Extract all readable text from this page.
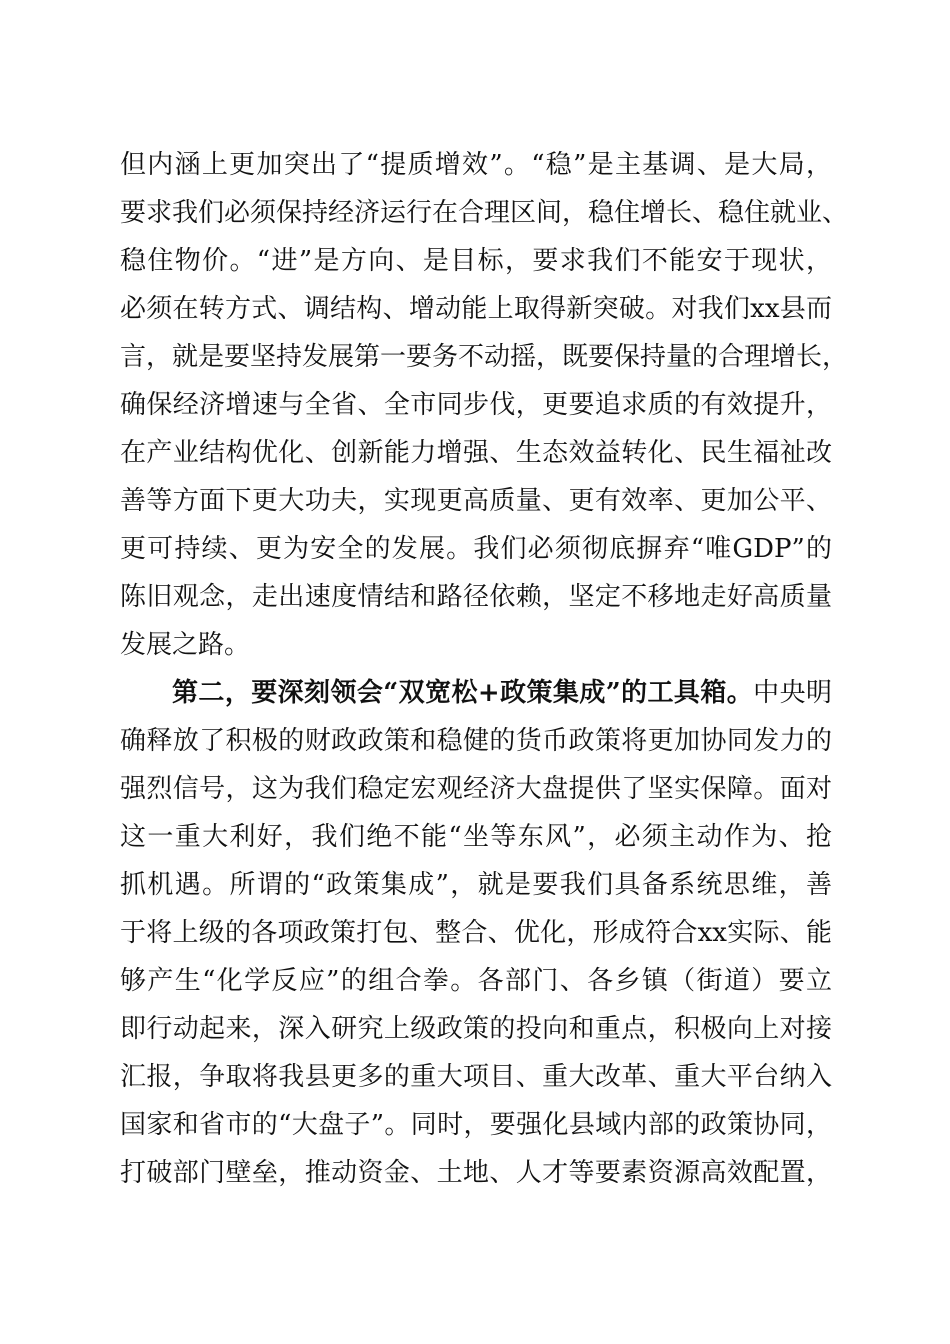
但内涵上更加突出了“提质增效”。“稳”是主基调、是大局，

要求我们必须保持经济运行在合理区间，稳住增长、稳住就业、

稳住物价。“进”是方向、是目标，要求我们不能安于现状，

必须在转方式、调结构、增动能上取得新突破。对我们xx县而

言，就是要坚持发展第一要务不动摇，既要保持量的合理增长，

确保经济增速与全省、全市同步伐，更要追求质的有效提升，

在产业结构优化、创新能力增强、生态效益转化、民生福祉改

善等方面下更大功夫，实现更高质量、更有效率、更加公平、

更可持续、更为安全的发展。我们必须彻底摒弃“唯GDP”的

陈旧观念，走出速度情结和路径依赖，坚定不移地走好高质量

发展之路。

第二，要深刻领会“双宽松+政策集成”的工具箱。中央明

确释放了积极的财政政策和稳健的货币政策将更加协同发力的

强烈信号，这为我们稳定宏观经济大盘提供了坚实保障。面对

这一重大利好，我们绝不能“坐等东风”，必须主动作为、抢

抓机遇。所谓的“政策集成”，就是要我们具备系统思维，善

于将上级的各项政策打包、整合、优化，形成符合xx实际、能

够产生“化学反应”的组合拳。各部门、各乡镇（街道）要立

即行动起来，深入研究上级政策的投向和重点，积极向上对接

汇报，争取将我县更多的重大项目、重大改革、重大平台纳入

国家和省市的“大盘子”。同时，要强化县域内部的政策协同，

打破部门壁垒，推动资金、土地、人才等要素资源高效配置，
